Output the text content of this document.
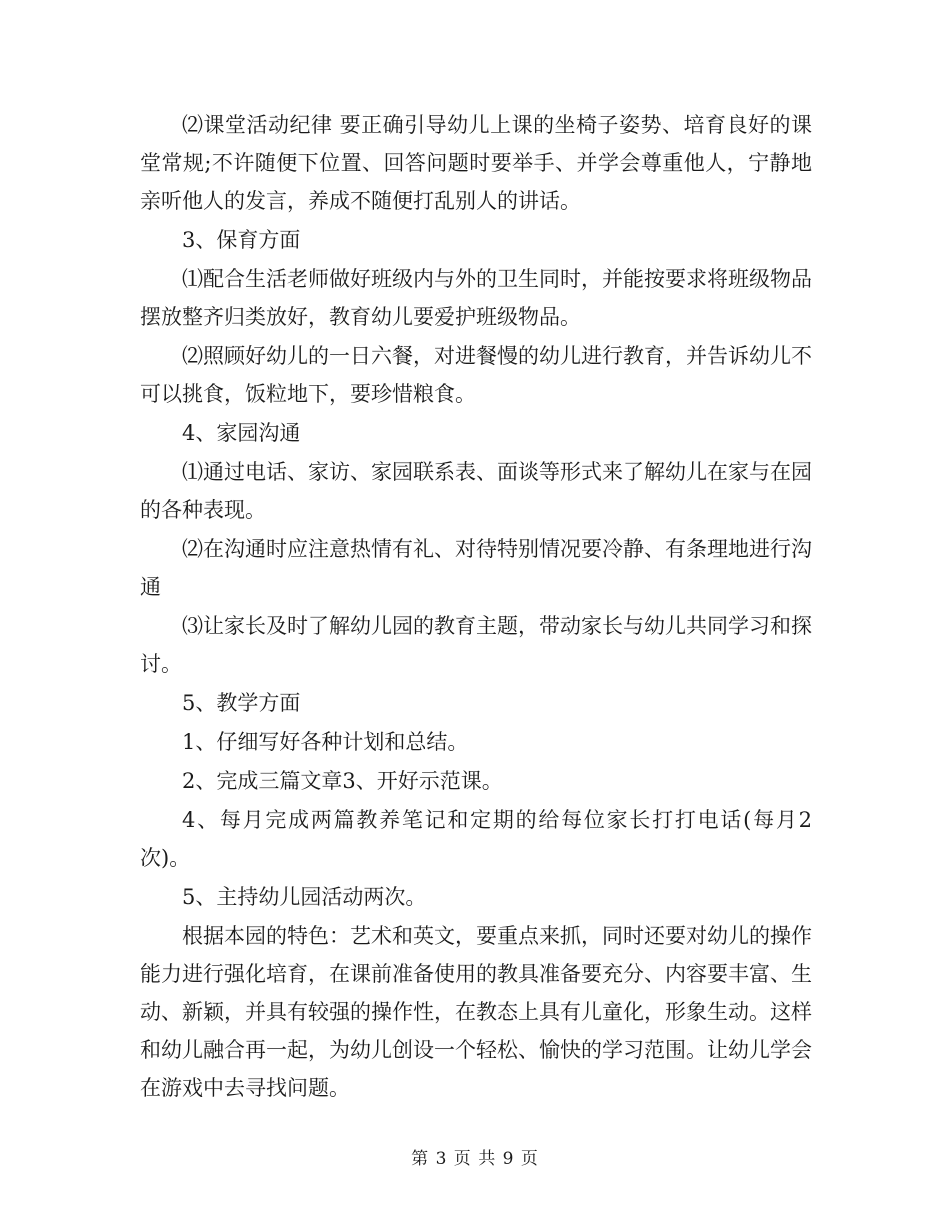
⑵课堂活动纪律 要正确引导幼儿上课的坐椅子姿势、培育良好的课堂常规;不许随便下位置、回答问题时要举手、并学会尊重他人，宁静地亲听他人的发言，养成不随便打乱别人的讲话。

3、保育方面

⑴配合生活老师做好班级内与外的卫生同时，并能按要求将班级物品摆放整齐归类放好，教育幼儿要爱护班级物品。

⑵照顾好幼儿的一日六餐，对进餐慢的幼儿进行教育，并告诉幼儿不可以挑食，饭粒地下，要珍惜粮食。

4、家园沟通

⑴通过电话、家访、家园联系表、面谈等形式来了解幼儿在家与在园的各种表现。

⑵在沟通时应注意热情有礼、对待特别情况要冷静、有条理地进行沟通

⑶让家长及时了解幼儿园的教育主题，带动家长与幼儿共同学习和探讨。

5、教学方面

1、仔细写好各种计划和总结。

2、完成三篇文章3、开好示范课。

4、每月完成两篇教养笔记和定期的给每位家长打打电话(每月2次)。

5、主持幼儿园活动两次。

根据本园的特色：艺术和英文，要重点来抓，同时还要对幼儿的操作能力进行强化培育，在课前准备使用的教具准备要充分、内容要丰富、生动、新颖，并具有较强的操作性，在教态上具有儿童化，形象生动。这样和幼儿融合再一起，为幼儿创设一个轻松、愉快的学习范围。让幼儿学会在游戏中去寻找问题。

第 3 页 共 9 页
